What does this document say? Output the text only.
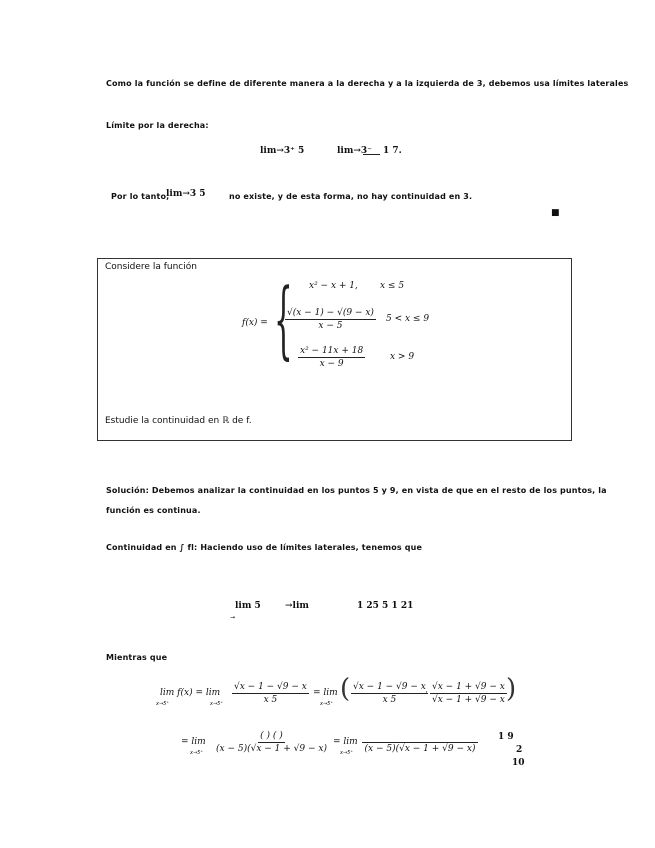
Como la función se define de diferente manera a la derecha y a la izquierda de 3, debemos usa límites laterales
Límite por la derecha:
lim→3⁺ 5	lim→3⁻ 1 7.
Por lo tanto,
lim→3 5	no existe, y de esta forma, no hay continuidad en 3.
■
Considere la función
f(x) = { x² − x + 1, x ≤ 5
$\frac{√(x - 1) - √(9 - x)}{x - 5} 5 < x \le 9$
$\frac{\text{x² − 11x + 18}}{x - 9}$	x > 9
Estudie la continuidad en ℝ de f.
Solución: Debemos analizar la continuidad en los puntos 5 y 9, en vista de que en el resto de los puntos, la
función es continua.
Continuidad en ∫ fl: Haciendo uso de límites laterales, tenemos que
lim 5
→
→lim	1 25 5 1 21
Mientras que
lim f(x) = lim
x→5⁺	$x\to 5^+ \frac{√x - 1 - √9 - x}{x 5} = \lim$
x→5⁺ ( $\frac{√x - 1 - √9 - x}{x 5}$
· $\frac{√x - 1 + √9 - x}{√x - 1 + √9 - x}$ )
= lim
$x\to 5^+ \frac{( ) ( )}{(x - 5)(√x - 1 + √9 - x)} = \lim$
x→5⁺
(x − 5)(√x − 1 + √9 − x)
1 9
2
10
